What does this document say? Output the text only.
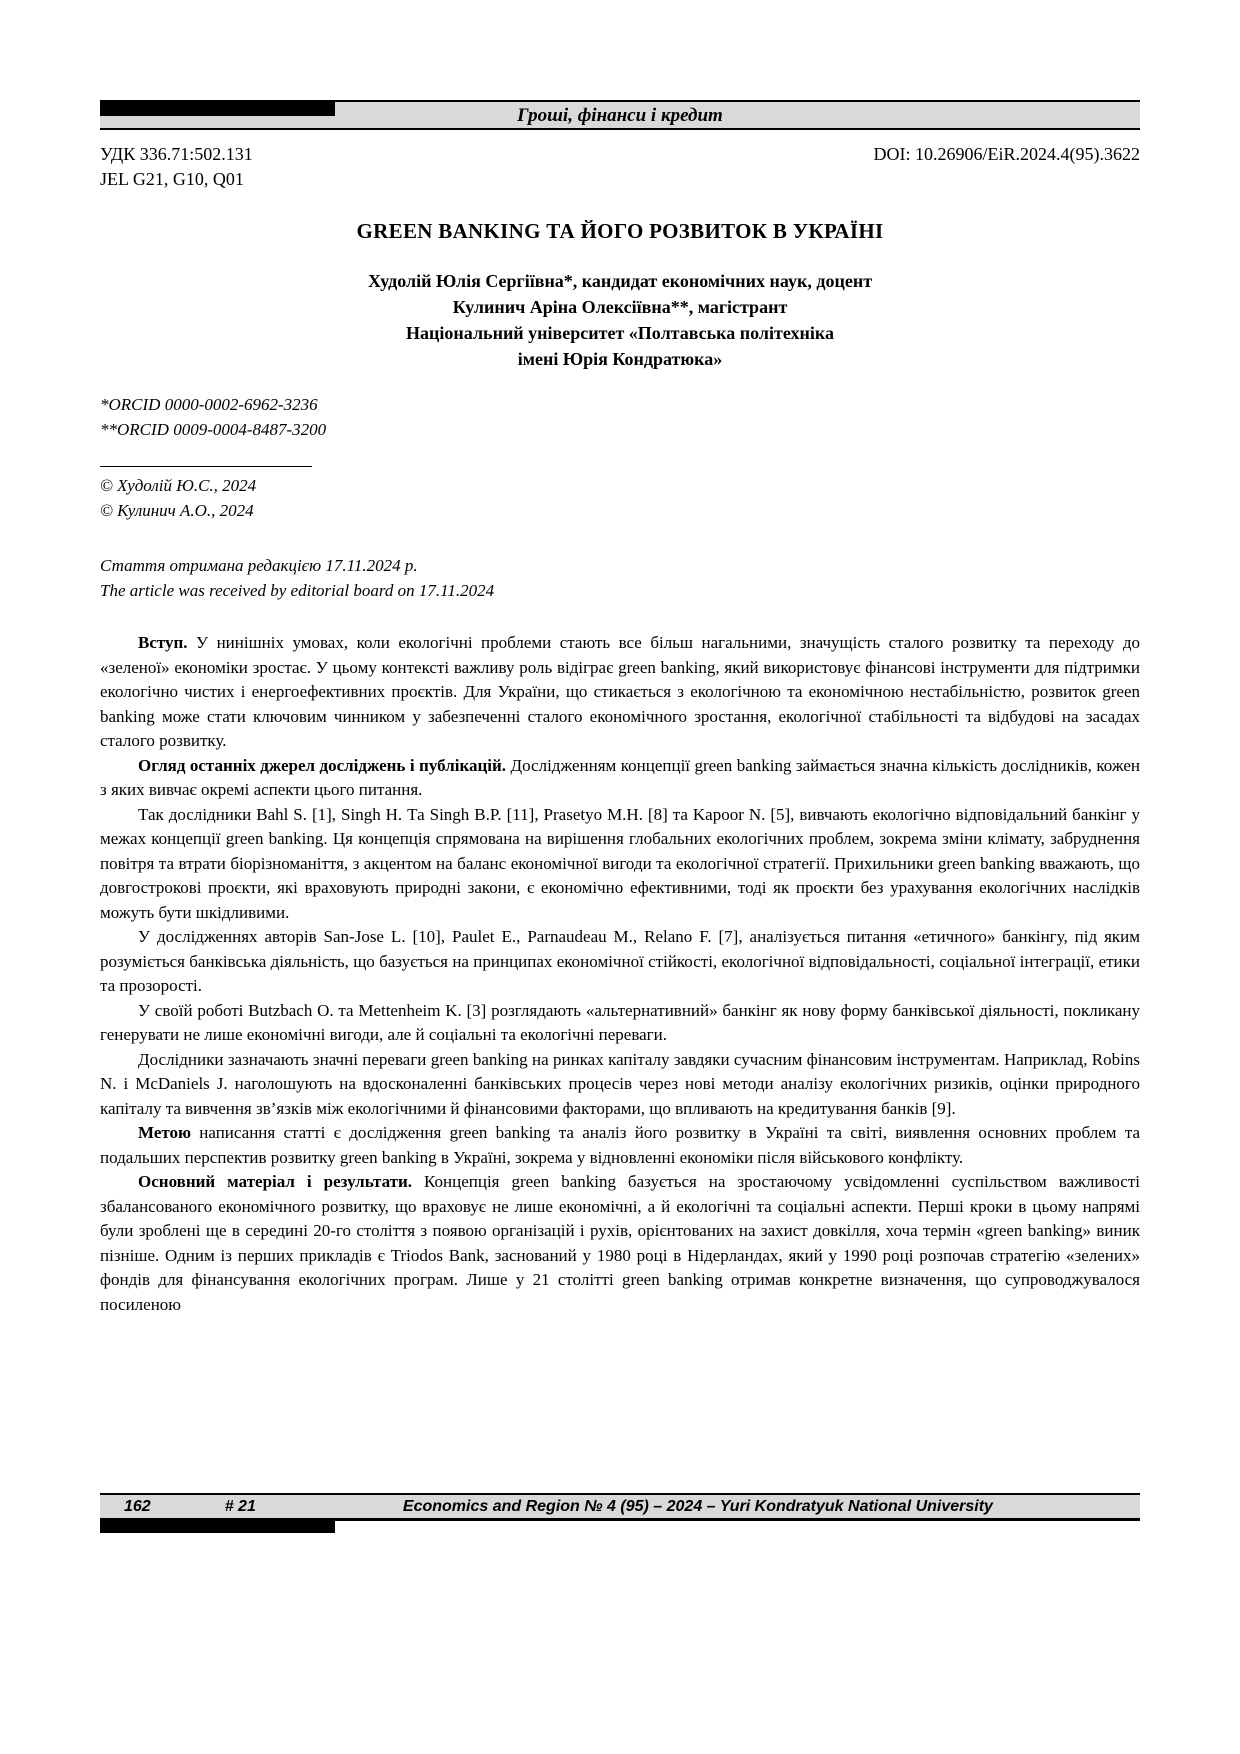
Гроші, фінанси і кредит
УДК 336.71:502.131
JEL G21, G10, Q01
DOI: 10.26906/EiR.2024.4(95).3622
GREEN BANKING ТА ЙОГО РОЗВИТОК В УКРАЇНІ
Худолій Юлія Сергіївна*, кандидат економічних наук, доцент
Кулинич Аріна Олексіївна**, магістрант
Національний університет «Полтавська політехніка
імені Юрія Кондратюка»
*ORCID 0000-0002-6962-3236
**ORCID 0009-0004-8487-3200
© Худолій Ю.С., 2024
© Кулинич А.О., 2024
Стаття отримана редакцією 17.11.2024 р.
The article was received by editorial board on 17.11.2024

Вступ. У нинішніх умовах, коли екологічні проблеми стають все більш нагальними, значущість сталого розвитку та переходу до «зеленої» економіки зростає. У цьому контексті важливу роль відіграє green banking, який використовує фінансові інструменти для підтримки екологічно чистих і енергоефективних проєктів. Для України, що стикається з екологічною та економічною нестабільністю, розвиток green banking може стати ключовим чинником у забезпеченні сталого економічного зростання, екологічної стабільності та відбудові на засадах сталого розвитку.

Огляд останніх джерел досліджень і публікацій. Дослідженням концепції green banking займається значна кількість дослідників, кожен з яких вивчає окремі аспекти цього питання.

Так дослідники Bahl S. [1], Singh H. Та Singh B.P. [11], Prasetyo M.H. [8] та Kapoor N. [5], вивчають екологічно відповідальний банкінг у межах концепції green banking. Ця концепція спрямована на вирішення глобальних екологічних проблем, зокрема зміни клімату, забруднення повітря та втрати біорізноманіття, з акцентом на баланс економічної вигоди та екологічної стратегії. Прихильники green banking вважають, що довгострокові проєкти, які враховують природні закони, є економічно ефективними, тоді як проєкти без урахування екологічних наслідків можуть бути шкідливими.

У дослідженнях авторів San-Jose L. [10], Paulet E., Parnaudeau M., Relano F. [7], аналізується питання «етичного» банкінгу, під яким розуміється банківська діяльність, що базується на принципах економічної стійкості, екологічної відповідальності, соціальної інтеграції, етики та прозорості.

У своїй роботі Butzbach O. та Mettenheim K. [3] розглядають «альтернативний» банкінг як нову форму банківської діяльності, покликану генерувати не лише економічні вигоди, але й соціальні та екологічні переваги.

Дослідники зазначають значні переваги green banking на ринках капіталу завдяки сучасним фінансовим інструментам. Наприклад, Robins N. і McDaniels J. наголошують на вдосконаленні банківських процесів через нові методи аналізу екологічних ризиків, оцінки природного капіталу та вивчення зв’язків між екологічними й фінансовими факторами, що впливають на кредитування банків [9].

Метою написання статті є дослідження green banking та аналіз його розвитку в Україні та світі, виявлення основних проблем та подальших перспектив розвитку green banking в Україні, зокрема у відновленні економіки після військового конфлікту.

Основний матеріал і результати. Концепція green banking базується на зростаючому усвідомленні суспільством важливості збалансованого економічного розвитку, що враховує не лише економічні, а й екологічні та соціальні аспекти. Перші кроки в цьому напрямі були зроблені ще в середині 20-го століття з появою організацій і рухів, орієнтованих на захист довкілля, хоча термін «green banking» виник пізніше. Одним із перших прикладів є Triodos Bank, заснований у 1980 році в Нідерландах, який у 1990 році розпочав стратегію «зелених» фондів для фінансування екологічних програм. Лише у 21 столітті green banking отримав конкретне визначення, що супроводжувалося посиленою

162	# 21	Economics and Region № 4 (95) – 2024 – Yuri Kondratyuk National University
